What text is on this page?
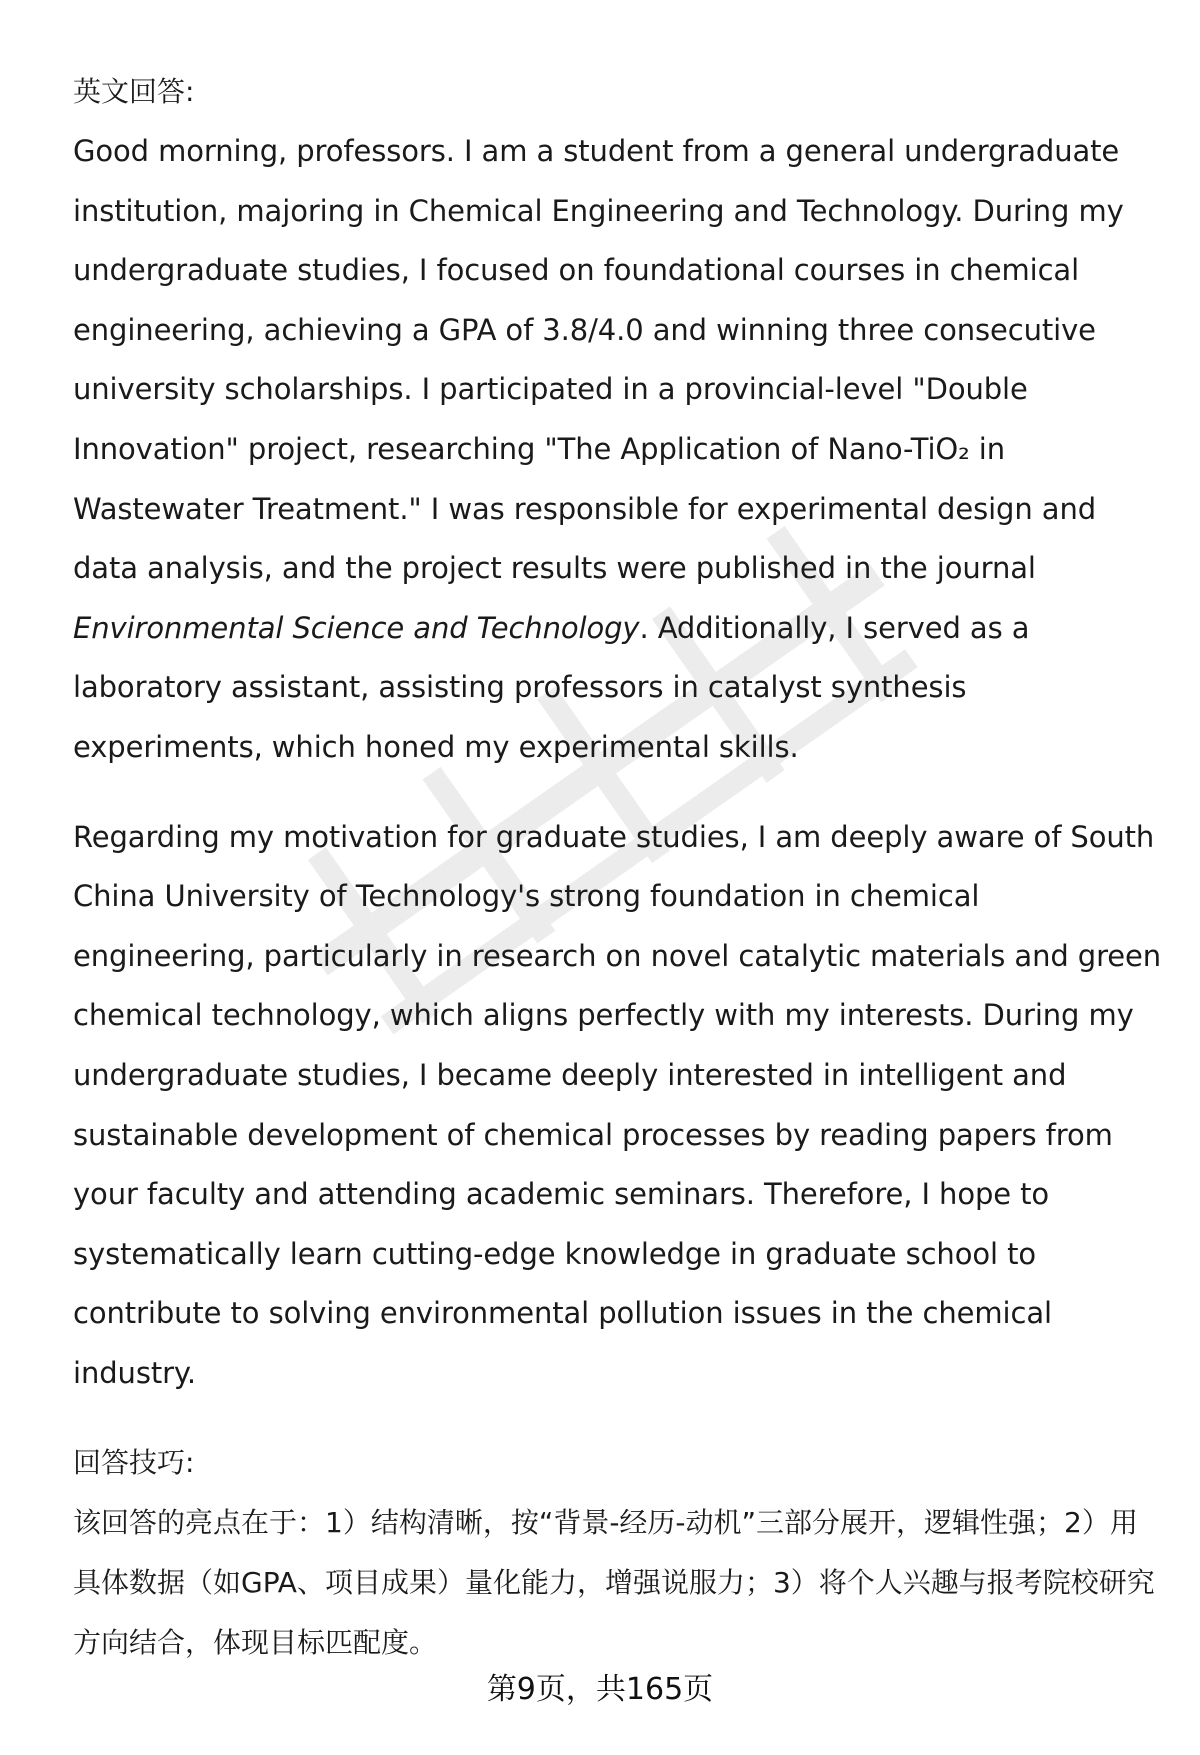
英文回答:

Good morning, professors. I am a student from a general undergraduate institution, majoring in Chemical Engineering and Technology. During my undergraduate studies, I focused on foundational courses in chemical engineering, achieving a GPA of 3.8/4.0 and winning three consecutive university scholarships. I participated in a provincial-level "Double Innovation" project, researching "The Application of Nano-TiO₂ in Wastewater Treatment." I was responsible for experimental design and data analysis, and the project results were published in the journal Environmental Science and Technology. Additionally, I served as a laboratory assistant, assisting professors in catalyst synthesis experiments, which honed my experimental skills.

Regarding my motivation for graduate studies, I am deeply aware of South China University of Technology's strong foundation in chemical engineering, particularly in research on novel catalytic materials and green chemical technology, which aligns perfectly with my interests. During my undergraduate studies, I became deeply interested in intelligent and sustainable development of chemical processes by reading papers from your faculty and attending academic seminars. Therefore, I hope to systematically learn cutting-edge knowledge in graduate school to contribute to solving environmental pollution issues in the chemical industry.

回答技巧:

该回答的亮点在于：1）结构清晰，按“背景-经历-动机”三部分展开，逻辑性强；2）用具体数据（如GPA、项目成果）量化能力，增强说服力；3）将个人兴趣与报考院校研究方向结合，体现目标匹配度。

第9页，共165页
